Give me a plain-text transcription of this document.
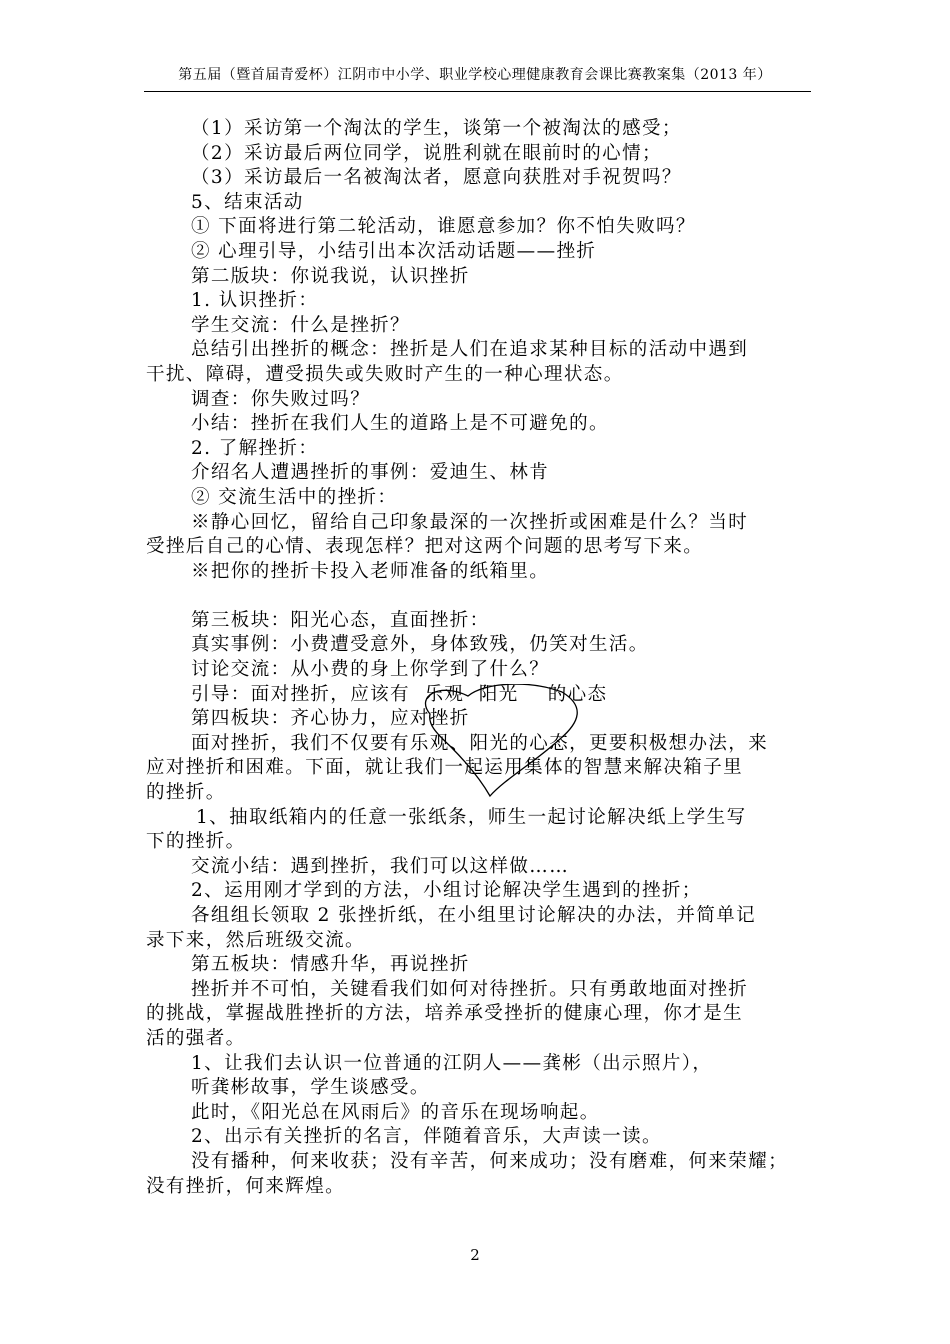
第五届（暨首届青爱杯）江阴市中小学、职业学校心理健康教育会课比赛教案集（2013 年）
（1）采访第一个淘汰的学生，谈第一个被淘汰的感受；
（2）采访最后两位同学，说胜利就在眼前时的心情；
（3）采访最后一名被淘汰者，愿意向获胜对手祝贺吗？
5、结束活动
① 下面将进行第二轮活动，谁愿意参加？你不怕失败吗？
② 心理引导，小结引出本次活动话题——挫折
第二版块：你说我说，认识挫折
1. 认识挫折：
学生交流：什么是挫折？
总结引出挫折的概念：挫折是人们在追求某种目标的活动中遇到
干扰、障碍，遭受损失或失败时产生的一种心理状态。
调查：你失败过吗？
小结：挫折在我们人生的道路上是不可避免的。
2. 了解挫折：
介绍名人遭遇挫折的事例：爱迪生、林肯
② 交流生活中的挫折：
※静心回忆，留给自己印象最深的一次挫折或困难是什么？当时
受挫后自己的心情、表现怎样？把对这两个问题的思考写下来。
※把你的挫折卡投入老师准备的纸箱里。
第三板块：阳光心态，直面挫折：
真实事例：小费遭受意外，身体致残，仍笑对生活。
讨论交流：从小费的身上你学到了什么？
引导：面对挫折，应该有  乐观  阳光    的心态
第四板块：齐心协力，应对挫折
面对挫折，我们不仅要有乐观、阳光的心态，更要积极想办法，来
应对挫折和困难。下面，就让我们一起运用集体的智慧来解决箱子里
的挫折。
1、抽取纸箱内的任意一张纸条，师生一起讨论解决纸上学生写
下的挫折。
交流小结：遇到挫折，我们可以这样做……
2、运用刚才学到的方法，小组讨论解决学生遇到的挫折；
各组组长领取 2 张挫折纸，在小组里讨论解决的办法，并简单记
录下来，然后班级交流。
第五板块：情感升华，再说挫折
挫折并不可怕，关键看我们如何对待挫折。只有勇敢地面对挫折
的挑战，掌握战胜挫折的方法，培养承受挫折的健康心理，你才是生
活的强者。
1、让我们去认识一位普通的江阴人——龚彬（出示照片），
听龚彬故事，学生谈感受。
此时，《阳光总在风雨后》的音乐在现场响起。
2、出示有关挫折的名言，伴随着音乐，大声读一读。
没有播种，何来收获；没有辛苦，何来成功；没有磨难，何来荣耀；
没有挫折，何来辉煌。
2
